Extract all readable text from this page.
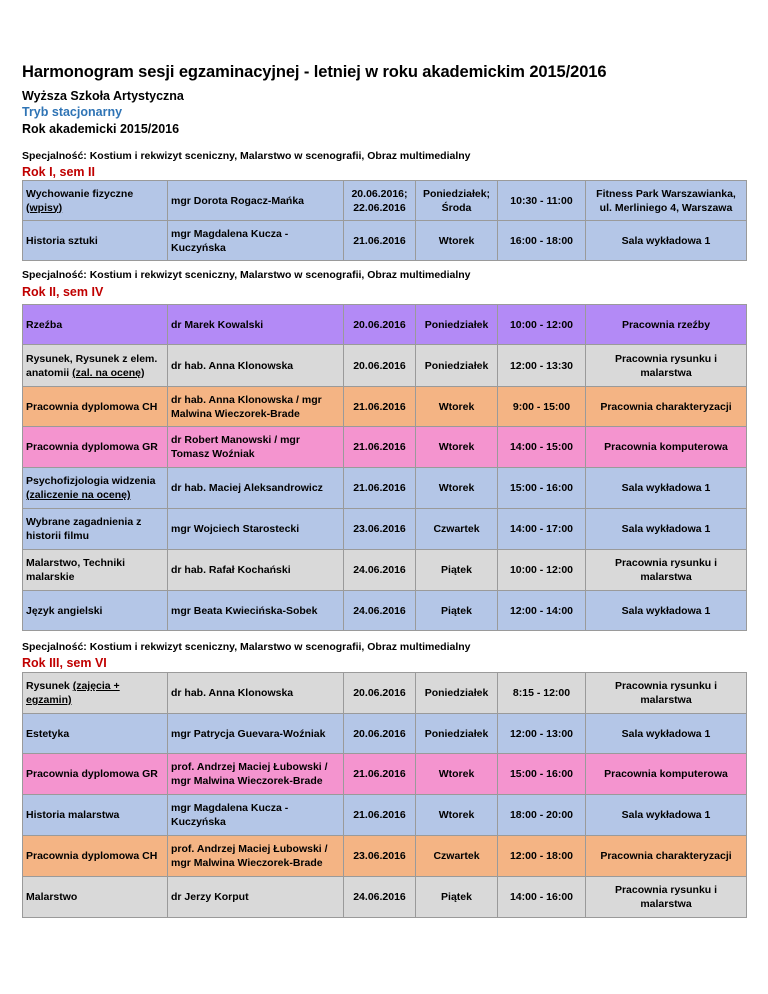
Harmonogram sesji egzaminacyjnej - letniej w roku akademickim 2015/2016
Wyższa Szkoła Artystyczna
Tryb stacjonarny
Rok akademicki 2015/2016
Specjalność: Kostium i rekwizyt sceniczny, Malarstwo w scenografii, Obraz multimedialny
Rok I, sem II
Wychowanie fizyczne (wpisy)	mgr Dorota Rogacz-Mańka	20.06.2016; 22.06.2016	Poniedziałek; Środa	10:30 - 11:00	Fitness Park Warszawianka, ul. Merliniego 4, Warszawa
Historia sztuki	mgr Magdalena Kucza - Kuczyńska	21.06.2016	Wtorek	16:00 - 18:00	Sala wykładowa 1
Specjalność: Kostium i rekwizyt sceniczny, Malarstwo w scenografii, Obraz multimedialny
Rok II, sem IV
Rzeźba	dr Marek Kowalski	20.06.2016	Poniedziałek	10:00 - 12:00	Pracownia rzeźby
Rysunek, Rysunek z elem. anatomii (zal. na ocenę)	dr hab. Anna Klonowska	20.06.2016	Poniedziałek	12:00 - 13:30	Pracownia rysunku i malarstwa
Pracownia dyplomowa CH	dr hab. Anna Klonowska / mgr Malwina Wieczorek-Brade	21.06.2016	Wtorek	9:00 - 15:00	Pracownia charakteryzacji
Pracownia dyplomowa GR	dr Robert Manowski / mgr Tomasz Woźniak	21.06.2016	Wtorek	14:00 - 15:00	Pracownia komputerowa
Psychofizjologia widzenia (zaliczenie na ocenę)	dr hab. Maciej Aleksandrowicz	21.06.2016	Wtorek	15:00 - 16:00	Sala wykładowa 1
Wybrane zagadnienia z historii filmu	mgr Wojciech Starostecki	23.06.2016	Czwartek	14:00 - 17:00	Sala wykładowa 1
Malarstwo, Techniki malarskie	dr hab. Rafał Kochański	24.06.2016	Piątek	10:00 - 12:00	Pracownia rysunku i malarstwa
Język angielski	mgr Beata Kwiecińska-Sobek	24.06.2016	Piątek	12:00 - 14:00	Sala wykładowa 1
Specjalność: Kostium i rekwizyt sceniczny, Malarstwo w scenografii, Obraz multimedialny
Rok III, sem VI
Rysunek (zajęcia + egzamin)	dr hab. Anna Klonowska	20.06.2016	Poniedziałek	8:15 - 12:00	Pracownia rysunku i malarstwa
Estetyka	mgr Patrycja Guevara-Woźniak	20.06.2016	Poniedziałek	12:00 - 13:00	Sala wykładowa 1
Pracownia dyplomowa GR	prof. Andrzej Maciej Łubowski / mgr Malwina Wieczorek-Brade	21.06.2016	Wtorek	15:00 - 16:00	Pracownia komputerowa
Historia malarstwa	mgr Magdalena Kucza - Kuczyńska	21.06.2016	Wtorek	18:00 - 20:00	Sala wykładowa 1
Pracownia dyplomowa CH	prof. Andrzej Maciej Łubowski / mgr Malwina Wieczorek-Brade	23.06.2016	Czwartek	12:00 - 18:00	Pracownia charakteryzacji
Malarstwo	dr Jerzy Korput	24.06.2016	Piątek	14:00 - 16:00	Pracownia rysunku i malarstwa
